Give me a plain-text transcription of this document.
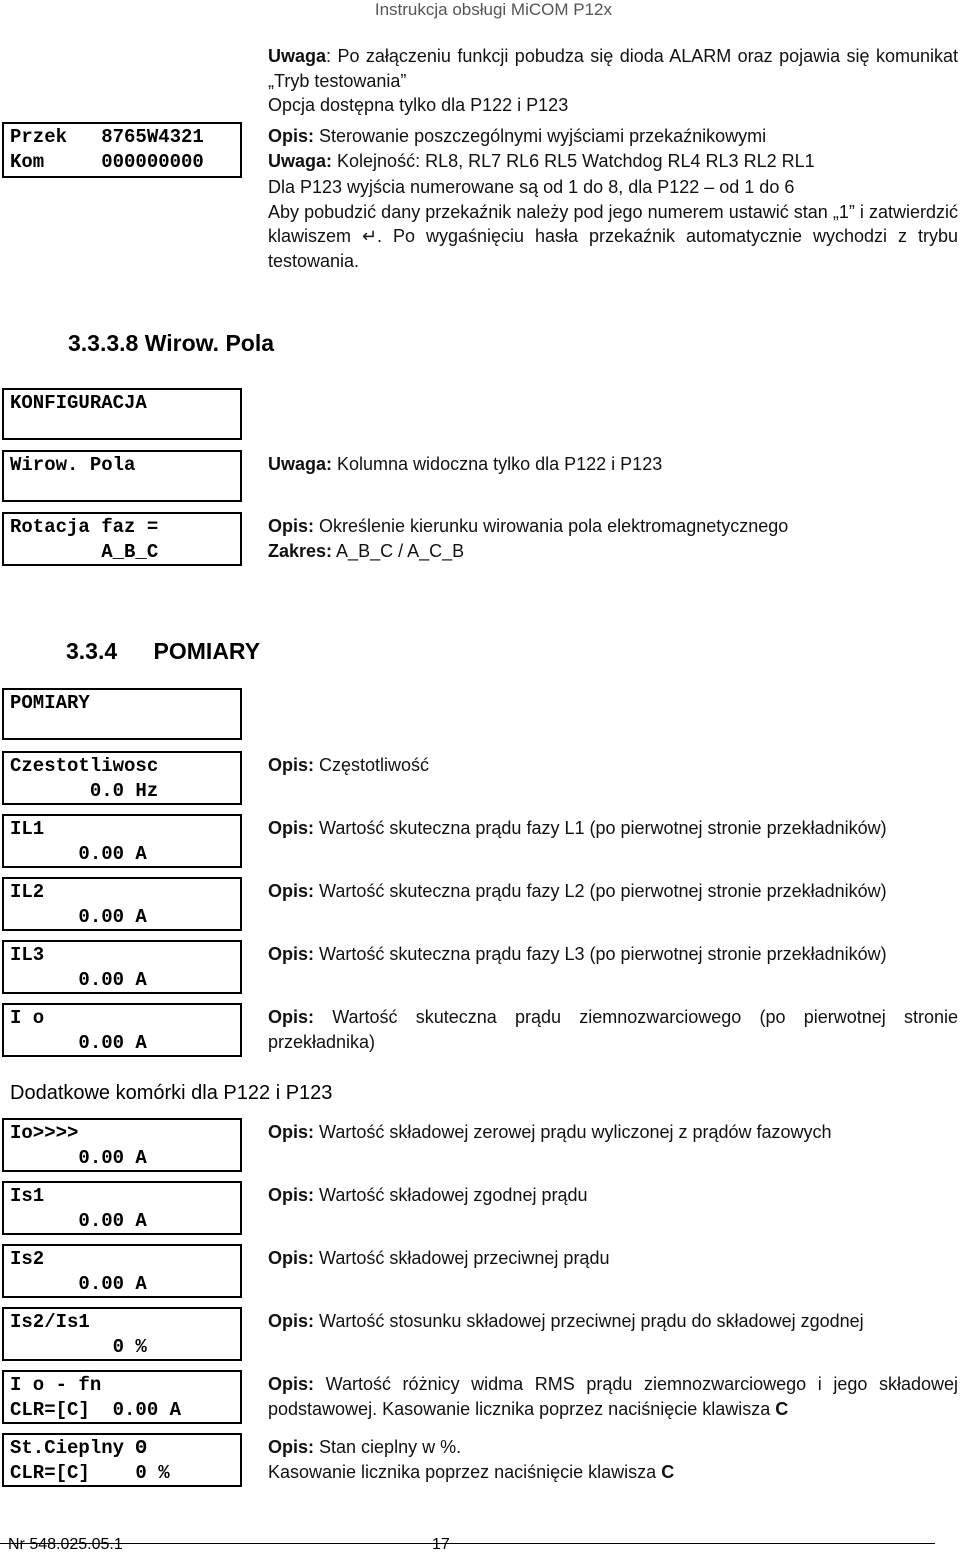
Instrukcja obsługi MiCOM P12x
Uwaga: Po załączeniu funkcji pobudza się dioda ALARM oraz pojawia się komunikat „Tryb testowania”
Opcja dostępna tylko dla P122 i P123
Przek   8765W4321
Kom     000000000
Opis: Sterowanie poszczególnymi wyjściami przekaźnikowymi
Uwaga: Kolejność: RL8, RL7 RL6 RL5 Watchdog RL4 RL3 RL2 RL1
Dla P123 wyjścia numerowane są od 1 do 8, dla P122 – od 1 do 6
Aby pobudzić dany przekaźnik należy pod jego numerem ustawić stan „1” i zatwierdzić klawiszem ↵. Po wygaśnięciu hasła przekaźnik automatycznie wychodzi z trybu testowania.
3.3.3.8 Wirow. Pola
KONFIGURACJA
Wirow. Pola	Uwaga: Kolumna widoczna tylko dla P122 i P123
Rotacja faz =
A_B_C
Opis: Określenie kierunku wirowania pola elektromagnetycznego
Zakres: A_B_C / A_C_B
3.3.4 POMIARY
POMIARY
Czestotliwosc
0.0 Hz
Opis: Częstotliwość
IL1
0.00 A
Opis: Wartość skuteczna prądu fazy L1 (po pierwotnej stronie przekładników)
IL2
0.00 A
Opis: Wartość skuteczna prądu fazy L2 (po pierwotnej stronie przekładników)
IL3
0.00 A
Opis: Wartość skuteczna prądu fazy L3 (po pierwotnej stronie przekładników)
I o
0.00 A
Opis: Wartość skuteczna prądu ziemnozwarciowego (po pierwotnej stronie przekładnika)
Dodatkowe komórki dla P122 i P123
Io>>>>
0.00 A
Opis: Wartość składowej zerowej prądu wyliczonej z prądów fazowych
Is1
0.00 A
Opis: Wartość składowej zgodnej prądu
Is2
0.00 A
Opis: Wartość składowej przeciwnej prądu
Is2/Is1
0 %
Opis: Wartość stosunku składowej przeciwnej prądu do składowej zgodnej
I o - fn
CLR=[C]  0.00 A
Opis: Wartość różnicy widma RMS prądu ziemnozwarciowego i jego składowej podstawowej. Kasowanie licznika poprzez naciśnięcie klawisza C
St.Cieplny Θ
CLR=[C]    0 %
Opis: Stan cieplny w %.
Kasowanie licznika poprzez naciśnięcie klawisza C
Nr 548.025.05.1	17
